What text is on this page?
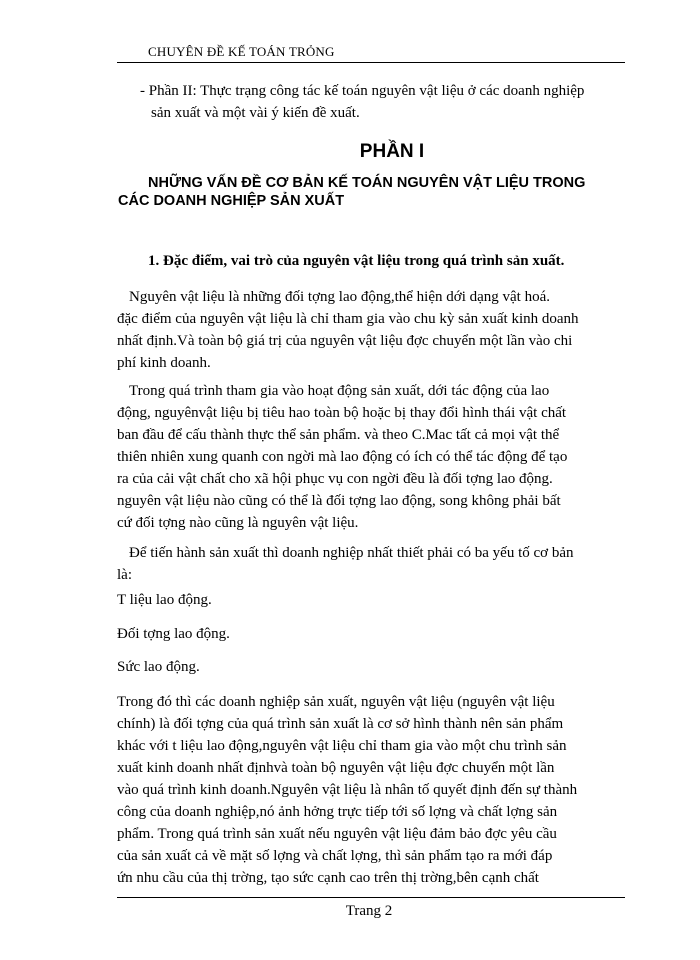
CHUYÊN ĐỀ KẾ TOÁN TRỎNG
- Phần II: Thực trạng công tác kế toán nguyên vật liệu ở các doanh nghiệp
sản xuất và một vài ý kiến đề xuất.
PHẦN I
NHỮNG VẤN ĐỀ CƠ BẢN KẾ TOÁN NGUYÊN VẬT LIỆU TRONG
CÁC DOANH NGHIỆP SẢN XUẤT
1. Đặc điểm, vai trò của nguyên vật liệu trong quá trình sản xuất.
Nguyên vật liệu là những đối tợng lao động,thể hiện dới dạng vật hoá.
đặc điểm của nguyên vật liệu là chỉ tham gia vào chu kỳ sản xuất kinh doanh
nhất định.Và toàn bộ giá trị của nguyên vật liệu đợc chuyển một lần vào chi
phí kinh doanh.
Trong quá trình tham gia vào hoạt động sản xuất, dới tác động của lao
động, nguyênvật liệu bị tiêu hao toàn bộ hoặc bị thay đổi hình thái vật chất
ban đầu để cấu thành thực thể sản phẩm. và theo C.Mac tất cả mọi vật thể
thiên nhiên xung quanh con ngời mà lao động có ích có thể tác động để tạo
ra của cải vật chất cho xã hội phục vụ con ngời đều là đối tợng lao động.
nguyên vật liệu nào cũng có thể là đối tợng lao động, song không phải bất
cứ đối tợng nào cũng là nguyên vật liệu.
Để tiến hành sản xuất thì doanh nghiệp nhất thiết phải có ba yếu tố cơ bản
là:
T liệu lao động.
Đối tợng lao động.
Sức lao động.
Trong đó thì các doanh nghiệp sản xuất, nguyên vật liệu (nguyên vật liệu
chính) là đối tợng của quá trình sản xuất là cơ sở hình thành nên sản phẩm
khác với t liệu lao động,nguyên vật liệu chỉ tham gia vào một chu trình sản
xuất kinh doanh nhất địnhvà toàn bộ nguyên vật liệu đợc chuyển một lần
vào quá trình kinh doanh.Nguyên vật liệu là nhân tố quyết định đến sự thành
công của doanh nghiệp,nó ảnh hởng trực tiếp tới số lợng và chất lợng sản
phẩm. Trong quá trình sản xuất nếu nguyên vật liệu đảm bảo đợc yêu cầu
của sản xuất cả về mặt số lợng và chất lợng, thì sản phẩm tạo ra mới đáp
ứn nhu cầu của thị trờng, tạo sức cạnh cao trên thị trờng,bên cạnh chất
Trang 2
